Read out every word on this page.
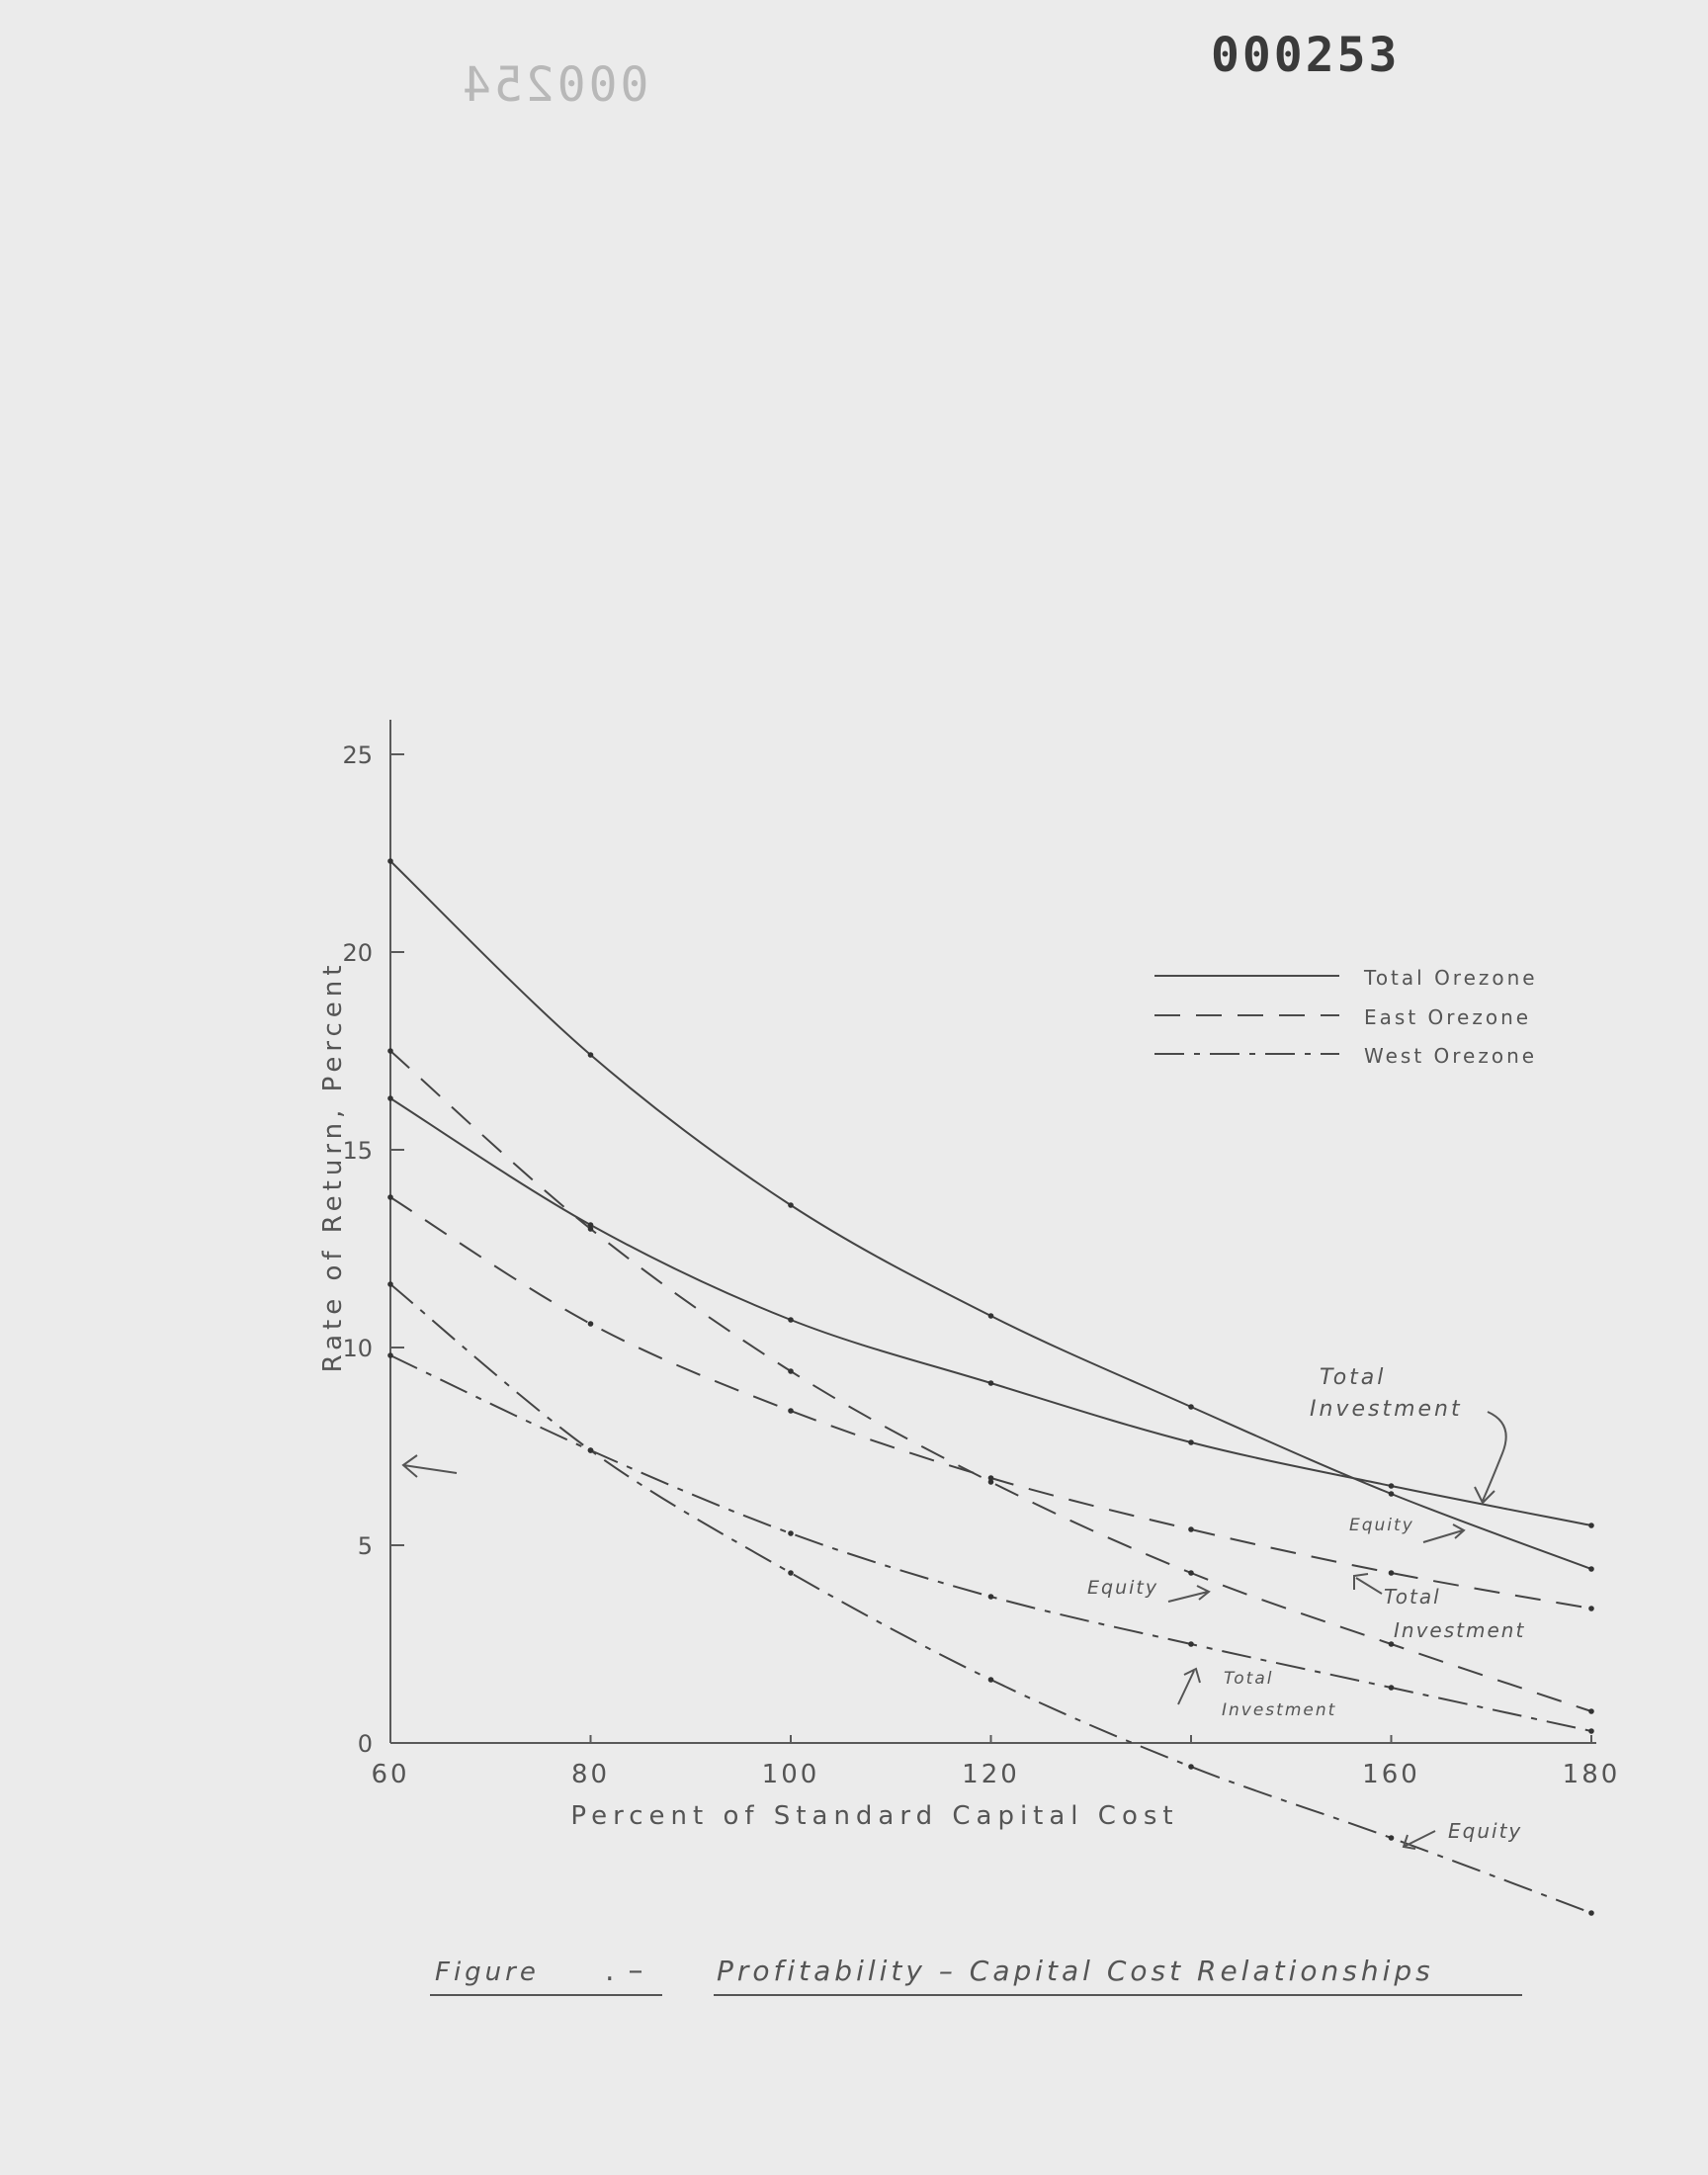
000254
000253
60	80	100	120	160	180
0
5
10
15
20
25
Rate of Return, Percent
Percent of Standard Capital Cost
Total Orezone
East Orezone
West Orezone
Total Investment
Equity
Equity	Total Investment
Total Investment
Equity
Figure .– Profitability – Capital Cost Relationships
